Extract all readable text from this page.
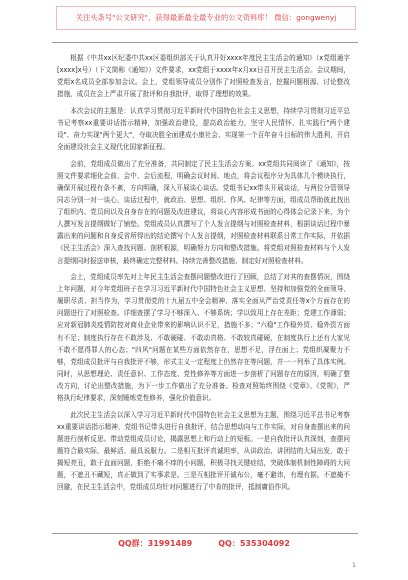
关注头条号"公文研究"，获得最新最全最专业的公文资料库！ 微信：gongwenyj

根据《中共xx区纪委中共xx区委组织部关于认真开好xxxx年度民主生活会的通知》（x党组通字[xxxx]x号）（下文简称《通知》）文件要求，xx党组于xxxx年x月xx日召开民主生活会。会议期间，党组x名成员全部参加会议。会上，党组领导成员分别作了对照检查发言，挖掘问题根源、讨论整改措施，成员在会上严肃开展了批评和自我批评，取得了理想的效果。

本次会议的主题是：认真学习贯彻习近平新时代中国特色社会主义思想，持续学习贯彻习近平总书记考察xx重要讲话指示精神，加强政治建设，提高政治能力，坚守人民情怀，扎实践行"两个建设"、奋力实现"两个更大"，夺取决胜全面建成小康社会、实现第一个百年奋斗目标的伟大胜利，开启全面建设社会主义现代化国家新征程。

会前，党组成员做出了充分准备，共同制定了民主生活会方案。xx党组共同阅读了《通知》，按照文件要求细化会前、会中、会后流程，明确会议时间、地点，将会议程序分为具体几个模块执行，确保开展过程有条不紊，方向明确，深入开展谈心谈话。党组书记xx带头开展谈话，与两位分管领导同志分别一对一谈心，谈话过程中，就政治、思想、组织、作风、纪律等方面，组成员帮助彼此找出了组织内、党员间以及自身存在的问题及改进建议，将谈心内容形成书面的心得体会记录下来，为个人撰写发言提纲做好了铺垫。党组成员认真撰写了个人发言提纲与对照检查材料，根据谈话过程中暴露出来的问题和自身反省所得出的结论撰写个人发言提纲，对照检查材料联系日常工作实际，并依据《民主生活会》深入查找问题、剖析根源，明确努力方向和整改措施。将党组对照检查材料与个人发言提纲同时报送审核，最终确定完整材料。持续完善整改措施、制定好对照检查材料。

会上，党组成员率先对上年民主生活会查摆问题整改进行了回顾，总结了对其的查摆情况，围绕上年问题，对今年党组班子在学习习近平新时代中国特色社会主义思想、坚持和加强党的全面领导、履职尽责、担当作为，学习贯彻党的十九届五中全会精神、落实全面从严治党责任等x个方面存在的问题进行了对照检查。详细查摆了学习不够深入、不够系统；学以致用上存在差距；党建工作薄弱；应对新冠肺炎疫情防控对商业企业带来的影响认识不足，措施不多；"六稳"工作稳外贸、稳外资方面有不足；制度执行存在不敢涉及、不敢硬碰、不敢动真格、不敢较真碰硬，在制度执行上还有大家见不敢不愿得罪人的心态；"四风"问题在某些方面依然存在，思想不足，浮在面上；党组织凝聚力不够，党组成员批评与自我批评不够，形式主义一定程度上仍然存在等问题，并一一列举了具体实例。同时，从思想理论、责任意识、工作态度、党性修养等方面进一步剖析了问题存在的原因，明确了整改方向，讨论出整改措施，为下一步工作做出了充分准备。检查对照始终围绕《党章》、《党规》，严格执行纪律要求，深刻锤炼党性修养，强化价值意识。

此次民主生活会以深入学习习近平新时代中国特色社会主义思想为主题，围绕习近平总书记考察xx重要讲话指示精神，党组书记带头进行自我批评，结合思想动向与工作实际，对自身查摆出来的问题进行剖析反思。带动党组成员讨论，揭露思想上和行动上的短板。一是自我批评认真深刻，查摆问题符合最实际，最鲜活、最具说服力。二是相互批评真诚坦率，从讲政治、讲团结的大局出发，敢于揭短亮丑，敢于直面问题，拒绝不痛不痒的小问题，积极寻找关键症结，突破体制机制性障碍的大问题，不遮丑不藏短，真正做到了实事求是。三是互相批评开诚布公，毫不避讳，有理有据。不遮掩不回避，在民主生活会中，党组成员均针对问题进行了中肯的批评，抵制庸俗作风。

QQ群：31991489	QQ：535304092
1
